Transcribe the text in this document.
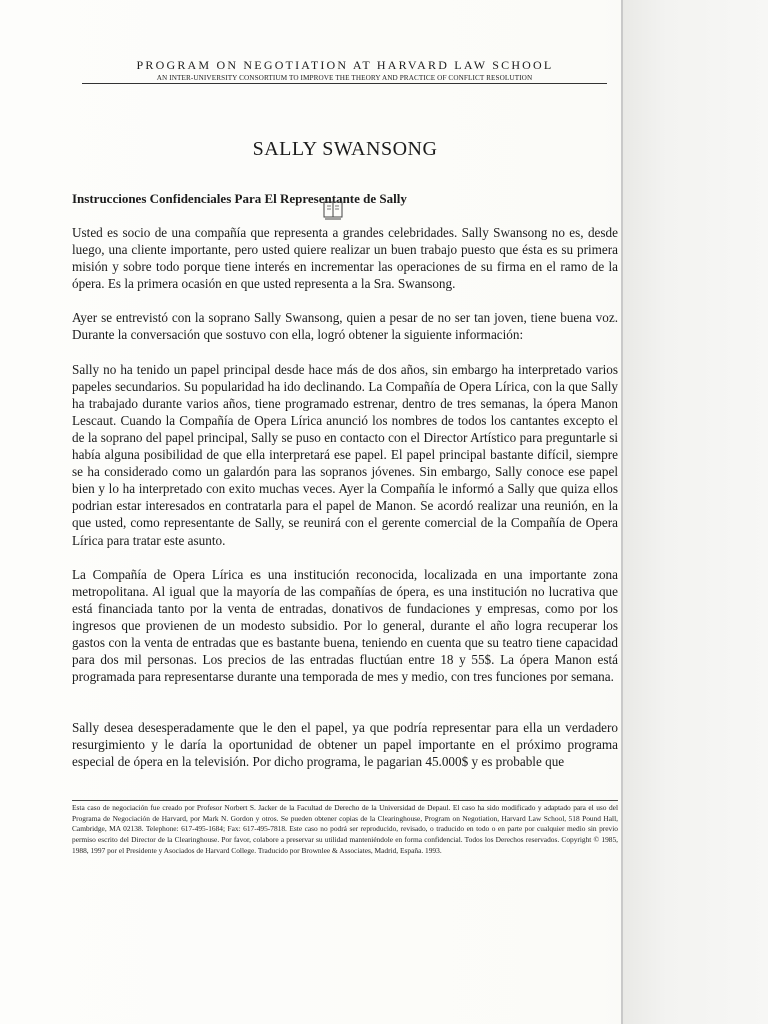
PROGRAM ON NEGOTIATION AT HARVARD LAW SCHOOL
AN INTER-UNIVERSITY CONSORTIUM TO IMPROVE THE THEORY AND PRACTICE OF CONFLICT RESOLUTION
SALLY SWANSONG
Instrucciones Confidenciales Para El Representante de Sally

Usted es socio de una compañía que representa a grandes celebridades. Sally Swansong no es, desde luego, una cliente importante, pero usted quiere realizar un buen trabajo puesto que ésta es su primera misión y sobre todo porque tiene interés en incrementar las operaciones de su firma en el ramo de la ópera. Es la primera ocasión en que usted representa a la Sra. Swansong.

Ayer se entrevistó con la soprano Sally Swansong, quien a pesar de no ser tan joven, tiene buena voz. Durante la conversación que sostuvo con ella, logró obtener la siguiente información:

Sally no ha tenido un papel principal desde hace más de dos años, sin embargo ha interpretado varios papeles secundarios. Su popularidad ha ido declinando. La Compañía de Opera Lírica, con la que Sally ha trabajado durante varios años, tiene programado estrenar, dentro de tres semanas, la ópera Manon Lescaut. Cuando la Compañía de Opera Lírica anunció los nombres de todos los cantantes excepto el de la soprano del papel principal, Sally se puso en contacto con el Director Artístico para preguntarle si había alguna posibilidad de que ella interpretará ese papel. El papel principal bastante difícil, siempre se ha considerado como un galardón para las sopranos jóvenes. Sin embargo, Sally conoce ese papel bien y lo ha interpretado con exito muchas veces. Ayer la Compañía le informó a Sally que quiza ellos podrian estar interesados en contratarla para el papel de Manon. Se acordó realizar una reunión, en la que usted, como representante de Sally, se reunirá con el gerente comercial de la Compañía de Opera Lírica para tratar este asunto.

La Compañía de Opera Lírica es una institución reconocida, localizada en una importante zona metropolitana. Al igual que la mayoría de las compañías de ópera, es una institución no lucrativa que está financiada tanto por la venta de entradas, donativos de fundaciones y empresas, como por los ingresos que provienen de un modesto subsidio. Por lo general, durante el año logra recuperar los gastos con la venta de entradas que es bastante buena, teniendo en cuenta que su teatro tiene capacidad para dos mil personas. Los precios de las entradas fluctúan entre 18 y 55$. La ópera Manon está programada para representarse durante una temporada de mes y medio, con tres funciones por semana.

Sally desea desesperadamente que le den el papel, ya que podría representar para ella un verdadero resurgimiento y le daría la oportunidad de obtener un papel importante en el próximo programa especial de ópera en la televisión. Por dicho programa, le pagarian 45.000$ y es probable que

Esta caso de negociación fue creado por Profesor Norbert S. Jacker de la Facultad de Derecho de la Universidad de Depaul. El caso ha sido modificado y adaptado para el uso del Programa de Negociación de Harvard, por Mark N. Gordon y otros. Se pueden obtener copias de la Clearinghouse, Program on Negotiation, Harvard Law School, 518 Pound Hall, Cambridge, MA 02138. Telephone: 617-495-1684; Fax: 617-495-7818. Este caso no podrá ser reproducido, revisado, o traducido en todo o en parte por cualquier medio sin previo permiso escrito del Director de la Clearinghouse. Por favor, colabore a preservar su utilidad manteniéndole en forma confidencial. Todos los Derechos reservados. Copyright © 1985, 1988, 1997 por el Presidente y Asociados de Harvard College. Traducido por Brownlee & Associates, Madrid, España. 1993.
